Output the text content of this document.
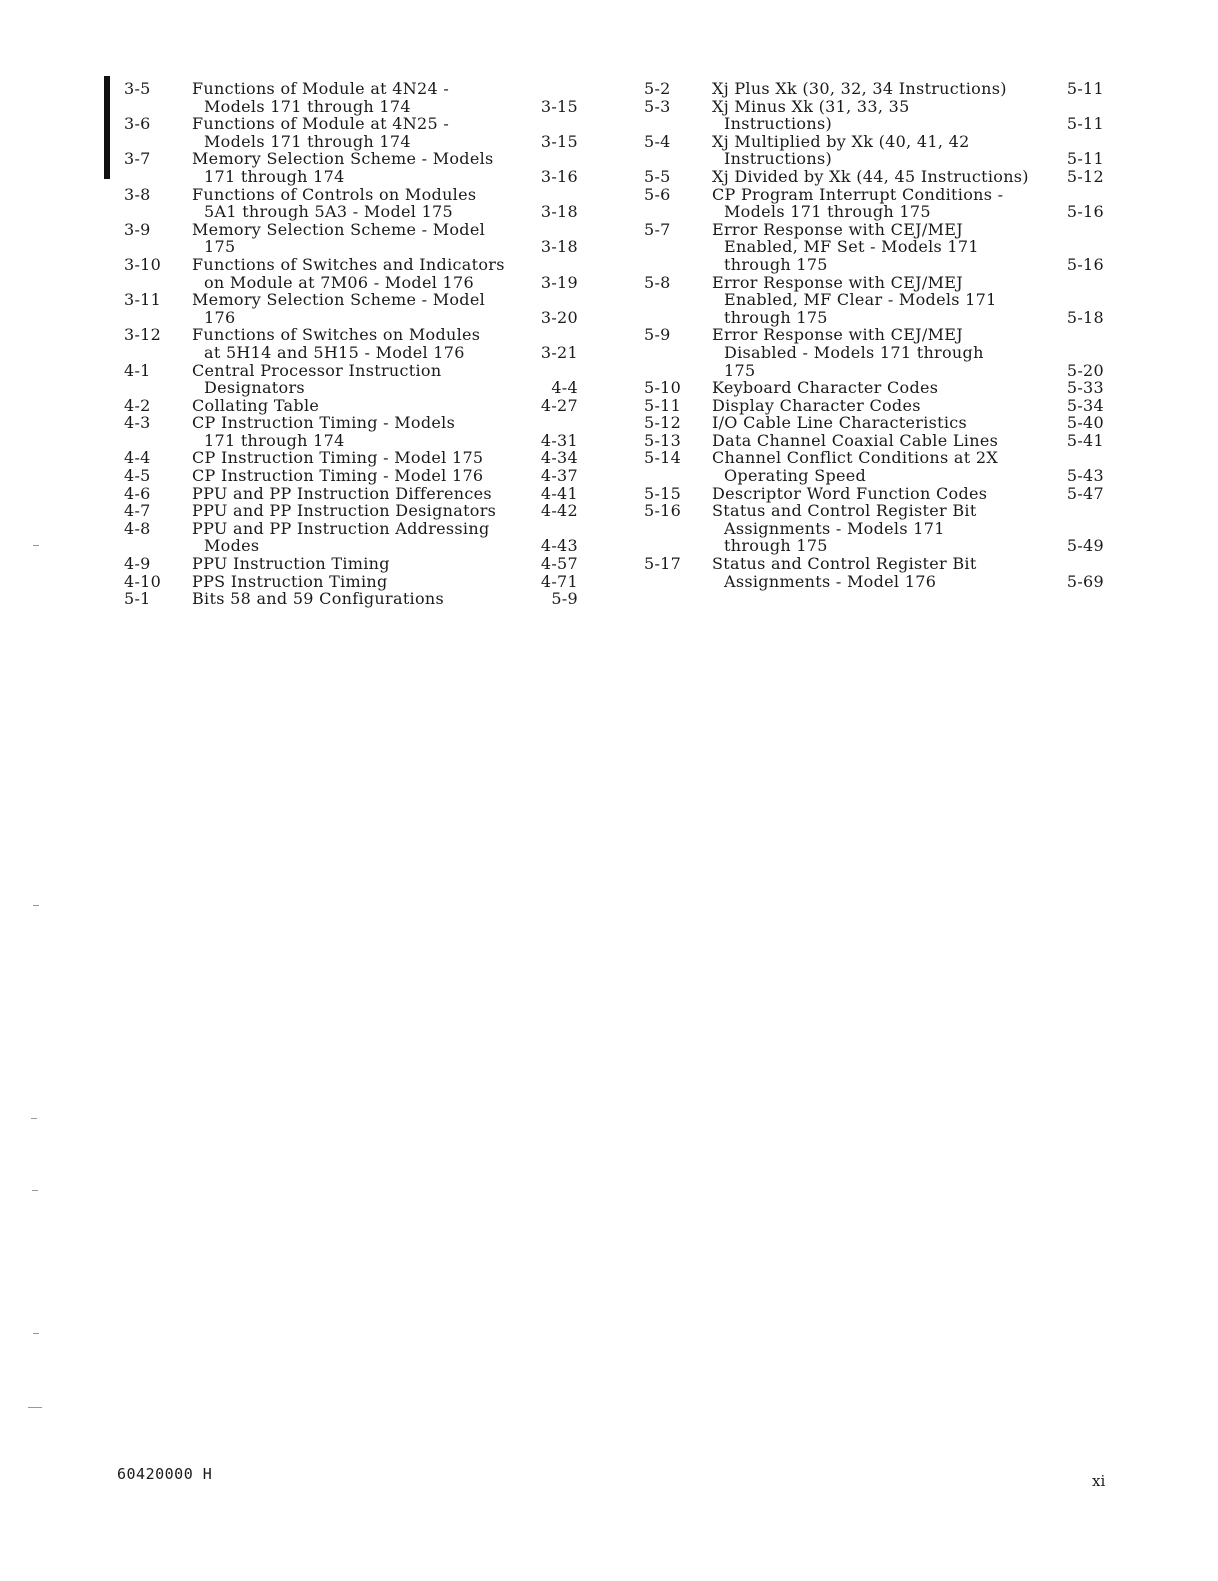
3-5	Functions of Module at 4N24 -
Models 171 through 174	3-15
3-6	Functions of Module at 4N25 -
Models 171 through 174	3-15
3-7	Memory Selection Scheme - Models
171 through 174	3-16
3-8	Functions of Controls on Modules
5A1 through 5A3 - Model 175	3-18
3-9	Memory Selection Scheme - Model
175	3-18
3-10 Functions of Switches and Indicators
on Module at 7M06 - Model 176	3-19
3-11 Memory Selection Scheme - Model
176	3-20
3-12 Functions of Switches on Modules
at 5H14 and 5H15 - Model 176	3-21
4-1	Central Processor Instruction
Designators	4-4
4-2	Collating Table	4-27
4-3	CP Instruction Timing - Models
171 through 174	4-31
4-4	CP Instruction Timing - Model 175	4-34
4-5	CP Instruction Timing - Model 176	4-37
4-6	PPU and PP Instruction Differences	4-41
4-7	PPU and PP Instruction Designators	4-42
4-8	PPU and PP Instruction Addressing
Modes	4-43
4-9	PPU Instruction Timing	4-57
4-10 PPS Instruction Timing	4-71
5-1	Bits 58 and 59 Configurations	5-9
5-2	Xj Plus Xk (30, 32, 34 Instructions)	5-11
5-3	Xj Minus Xk (31, 33, 35
Instructions)	5-11
5-4	Xj Multiplied by Xk (40, 41, 42
Instructions)	5-11
5-5	Xj Divided by Xk (44, 45 Instructions)	5-12
5-6	CP Program Interrupt Conditions -
Models 171 through 175	5-16
5-7	Error Response with CEJ/MEJ
Enabled, MF Set - Models 171
through 175	5-16
5-8	Error Response with CEJ/MEJ
Enabled, MF Clear - Models 171
through 175	5-18
5-9	Error Response with CEJ/MEJ
Disabled - Models 171 through
175	5-20
5-10 Keyboard Character Codes	5-33
5-11 Display Character Codes	5-34
5-12 I/O Cable Line Characteristics	5-40
5-13 Data Channel Coaxial Cable Lines	5-41
5-14 Channel Conflict Conditions at 2X
Operating Speed	5-43
5-15 Descriptor Word Function Codes	5-47
5-16 Status and Control Register Bit
Assignments - Models 171
through 175	5-49
5-17 Status and Control Register Bit
Assignments - Model 176	5-69
60420000 H	xi
